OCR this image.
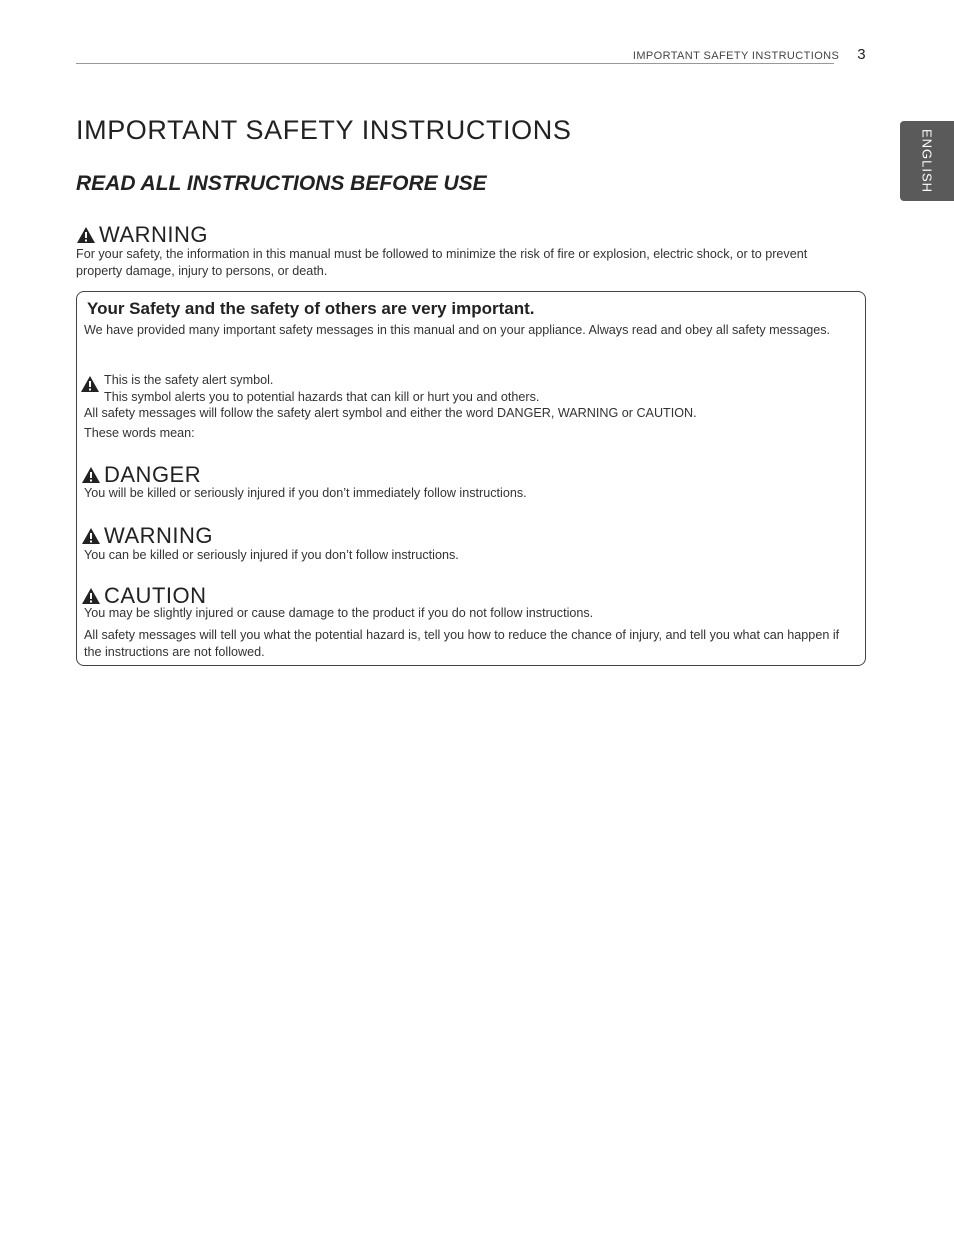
IMPORTANT SAFETY INSTRUCTIONS 3
ENGLISH
IMPORTANT SAFETY INSTRUCTIONS
READ ALL INSTRUCTIONS BEFORE USE
WARNING
For your safety, the information in this manual must be followed to minimize the risk of fire or explosion, electric shock, or to prevent property damage, injury to persons, or death.
Your Safety and the safety of others are very important.
We have provided many important safety messages in this manual and on your appliance. Always read and obey all safety messages.
This is the safety alert symbol.
This symbol alerts you to potential hazards that can kill or hurt you and others.
All safety messages will follow the safety alert symbol and either the word DANGER, WARNING or CAUTION.
These words mean:
DANGER
You will be killed or seriously injured if you don’t immediately follow instructions.
WARNING
You can be killed or seriously injured if you don’t follow instructions.
CAUTION
You may be slightly injured or cause damage to the product if you do not follow instructions.
All safety messages will tell you what the potential hazard is, tell you how to reduce the chance of injury, and tell you what can happen if the instructions are not followed.
